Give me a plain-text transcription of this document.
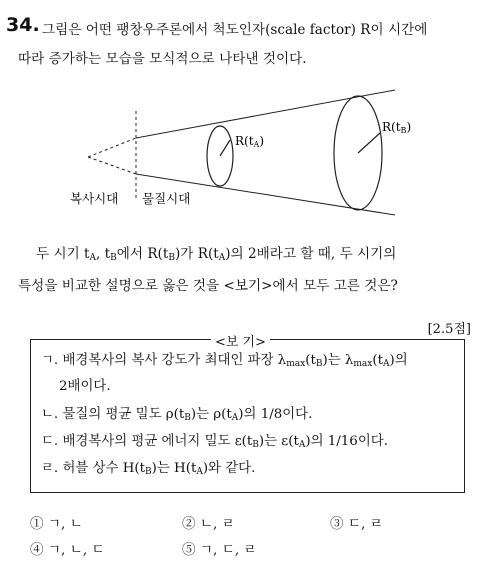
34. 그림은 어떤 팽창우주론에서 척도인자(scale factor) R이 시간에
따라 증가하는 모습을 모식적으로 나타낸 것이다.
R(tA)
R(tB)
복사시대 물질시대
두 시기 $t_A$, $t_B$에서 $R(t_B)$가 $R(t_A)$의 2배라고 할 때, 두 시기의
특성을 비교한 설명으로 옳은 것을 <보기>에서 모두 고른 것은?
[2.5점]
ㄱ. 배경복사의 복사 강도가 최대인 파장 $\lambda_{max}(t_B)$는 $\lambda_{max}(t_A)$의
2배이다.
ㄴ. 물질의 평균 밀도 $\rho(t_B)$는 $\rho(t_A)$의 1/8이다.
ㄷ. 배경복사의 평균 에너지 밀도 $\varepsilon(t_B)$는 $\varepsilon(t_A)$의 1/16이다.
ㄹ. 허블 상수 $H(t_B)$는 $H(t_A)$와 같다.
<보 기>
① ㄱ, ㄴ	② ㄴ, ㄹ	③ ㄷ, ㄹ
④ ㄱ, ㄴ, ㄷ	⑤ ㄱ, ㄷ, ㄹ
